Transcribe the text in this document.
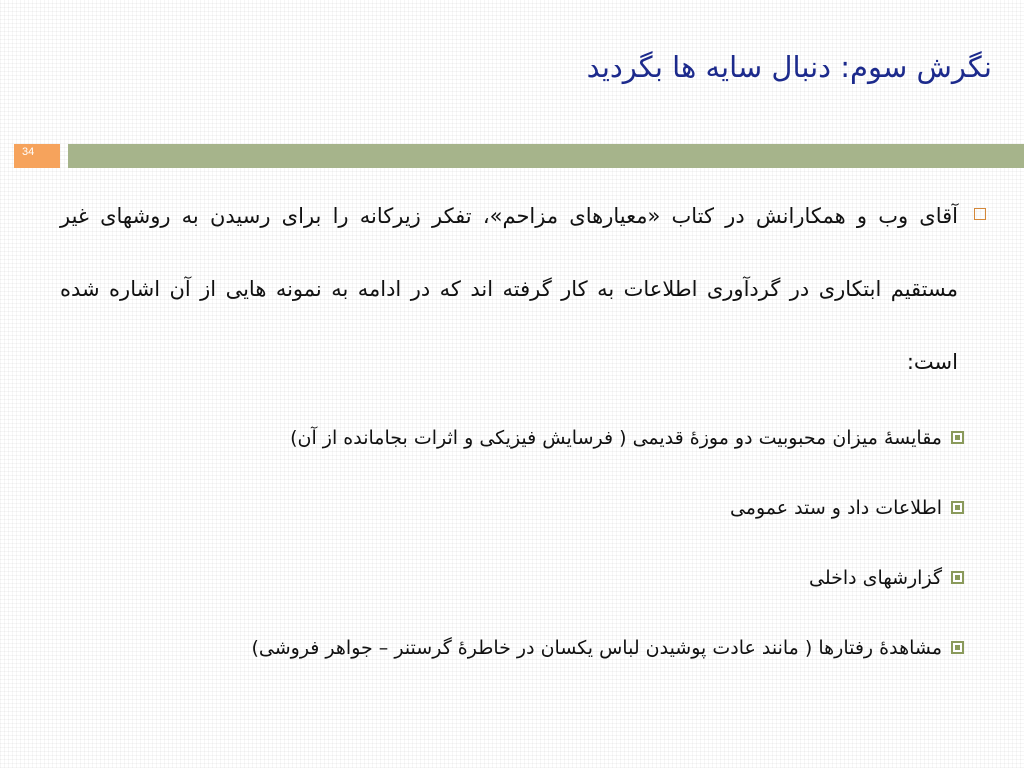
نگرش سوم: دنبال سایه ها بگردید
34

آقای وب و همکارانش در کتاب «معیارهای مزاحم»، تفکر زیرکانه را برای رسیدن به روشهای غیر مستقیم ابتکاری در گردآوری اطلاعات به کار گرفته اند که در ادامه به نمونه هایی از آن اشاره شده است:

مقایسۀ میزان محبوبیت دو موزۀ قدیمی ( فرسایش فیزیکی و اثرات بجامانده از آن)

اطلاعات داد و ستد عمومی

گزارشهای داخلی

مشاهدۀ رفتارها ( مانند عادت پوشیدن لباس یکسان در خاطرۀ گرستنر – جواهر فروشی)
